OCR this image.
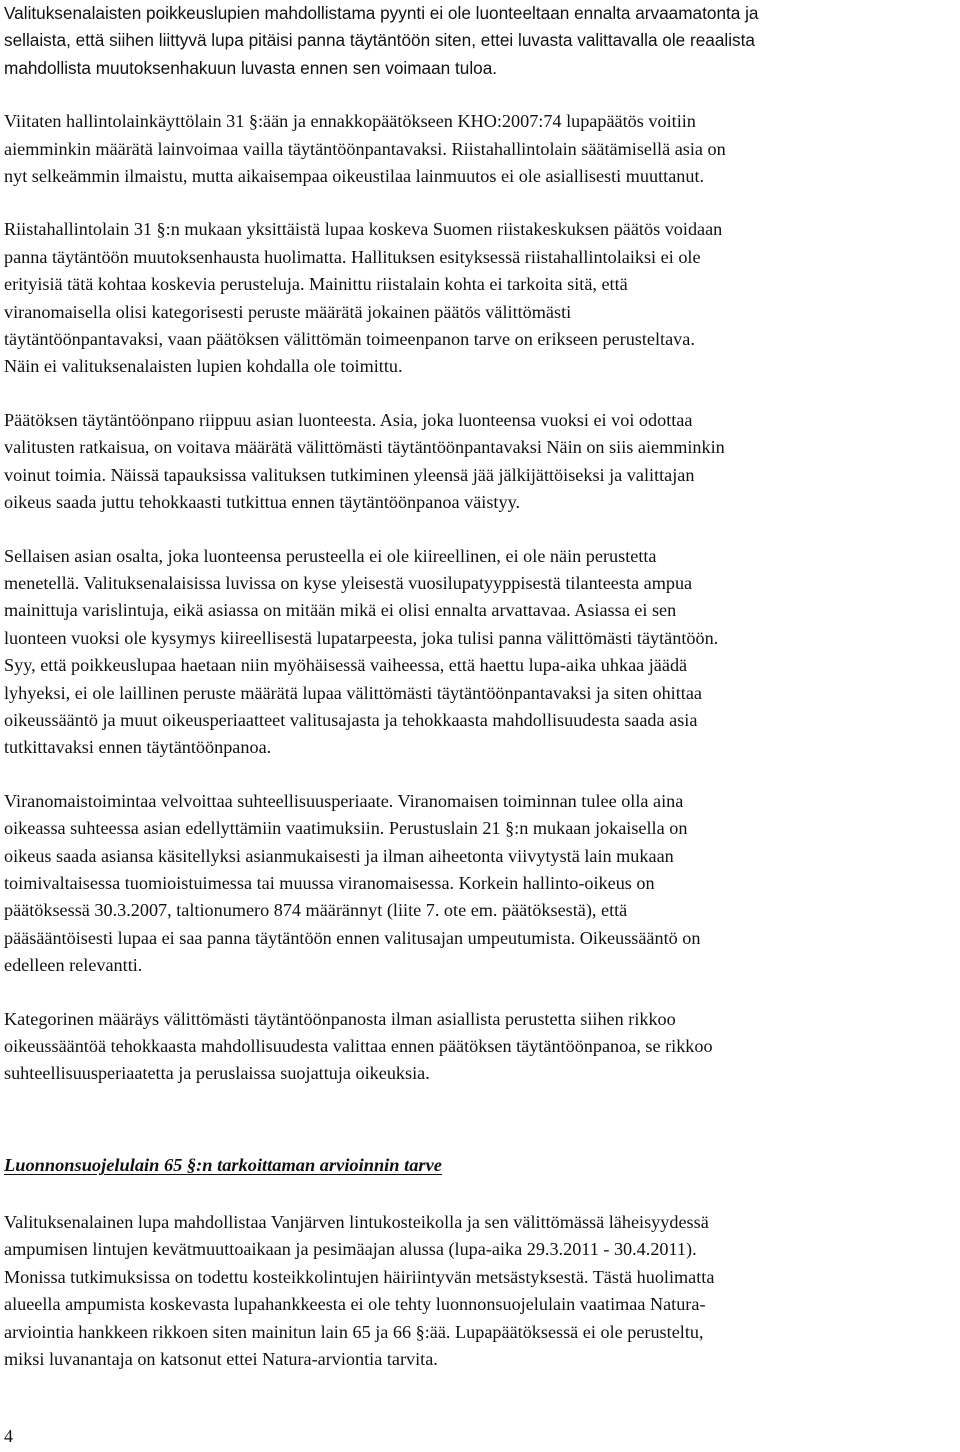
Valituksenalaisten poikkeuslupien mahdollistama pyynti ei ole luonteeltaan ennalta arvaamatonta ja
sellaista, että siihen liittyvä lupa pitäisi panna täytäntöön siten, ettei luvasta valittavalla ole reaalista
mahdollista muutoksenhakuun luvasta ennen sen voimaan tuloa.

Viitaten hallintolainkäyttölain 31 §:ään ja ennakkopäätökseen KHO:2007:74 lupapäätös voitiin
aiemminkin määrätä lainvoimaa vailla täytäntöönpantavaksi. Riistahallintolain säätämisellä asia on
nyt selkeämmin ilmaistu, mutta aikaisempaa oikeustilaa lainmuutos ei ole asiallisesti muuttanut.

Riistahallintolain 31 §:n mukaan yksittäistä lupaa koskeva Suomen riistakeskuksen päätös voidaan
panna täytäntöön muutoksenhausta huolimatta. Hallituksen esityksessä riistahallintolaiksi ei ole
erityisiä tätä kohtaa koskevia perusteluja. Mainittu riistalain kohta ei tarkoita sitä, että
viranomaisella olisi kategorisesti peruste määrätä jokainen päätös välittömästi
täytäntöönpantavaksi, vaan päätöksen välittömän toimeenpanon tarve on erikseen perusteltava.
Näin ei valituksenalaisten lupien kohdalla ole toimittu.

Päätöksen täytäntöönpano riippuu asian luonteesta. Asia, joka luonteensa vuoksi ei voi odottaa
valitusten ratkaisua, on voitava määrätä välittömästi täytäntöönpantavaksi Näin on siis aiemminkin
voinut toimia. Näissä tapauksissa valituksen tutkiminen yleensä jää jälkijättöiseksi ja valittajan
oikeus saada juttu tehokkaasti tutkittua ennen täytäntöönpanoa väistyy.

Sellaisen asian osalta, joka luonteensa perusteella ei ole kiireellinen, ei ole näin perustetta
menetellä. Valituksenalaisissa luvissa on kyse yleisestä vuosilupatyyppisestä tilanteesta ampua
mainittuja varislintuja, eikä asiassa on mitään mikä ei olisi ennalta arvattavaa. Asiassa ei sen
luonteen vuoksi ole kysymys kiireellisestä lupatarpeesta, joka tulisi panna välittömästi täytäntöön.
Syy, että poikkeuslupaa haetaan niin myöhäisessä vaiheessa, että haettu lupa-aika uhkaa jäädä
lyhyeksi, ei ole laillinen peruste määrätä lupaa välittömästi täytäntöönpantavaksi ja siten ohittaa
oikeussääntö ja muut oikeusperiaatteet valitusajasta ja tehokkaasta mahdollisuudesta saada asia
tutkittavaksi ennen täytäntöönpanoa.

Viranomaistoimintaa velvoittaa suhteellisuusperiaate. Viranomaisen toiminnan tulee olla aina
oikeassa suhteessa asian edellyttämiin vaatimuksiin. Perustuslain 21 §:n mukaan jokaisella on
oikeus saada asiansa käsitellyksi asianmukaisesti ja ilman aiheetonta viivytystä lain mukaan
toimivaltaisessa tuomioistuimessa tai muussa viranomaisessa. Korkein hallinto-oikeus on
päätöksessä 30.3.2007, taltionumero 874 määrännyt (liite 7. ote em. päätöksestä), että
pääsääntöisesti lupaa ei saa panna täytäntöön ennen valitusajan umpeutumista. Oikeussääntö on
edelleen relevantti.

Kategorinen määräys välittömästi täytäntöönpanosta ilman asiallista perustetta siihen rikkoo
oikeussääntöä tehokkaasta mahdollisuudesta valittaa ennen päätöksen täytäntöönpanoa, se rikkoo
suhteellisuusperiaatetta ja peruslaissa suojattuja oikeuksia.

Luonnonsuojelulain 65 §:n tarkoittaman arvioinnin tarve

Valituksenalainen lupa mahdollistaa Vanjärven lintukosteikolla ja sen välittömässä läheisyydessä
ampumisen lintujen kevätmuuttoaikaan ja pesimäajan alussa (lupa-aika 29.3.2011 - 30.4.2011).
Monissa tutkimuksissa on todettu kosteikkolintujen häiriintyvän metsästyksestä. Tästä huolimatta
alueella ampumista koskevasta lupahankkeesta ei ole tehty luonnonsuojelulain vaatimaa Natura-
arviointia hankkeen rikkoen siten mainitun lain 65 ja 66 §:ää. Lupapäätöksessä ei ole perusteltu,
miksi luvanantaja on katsonut ettei Natura-arviontia tarvita.

4
